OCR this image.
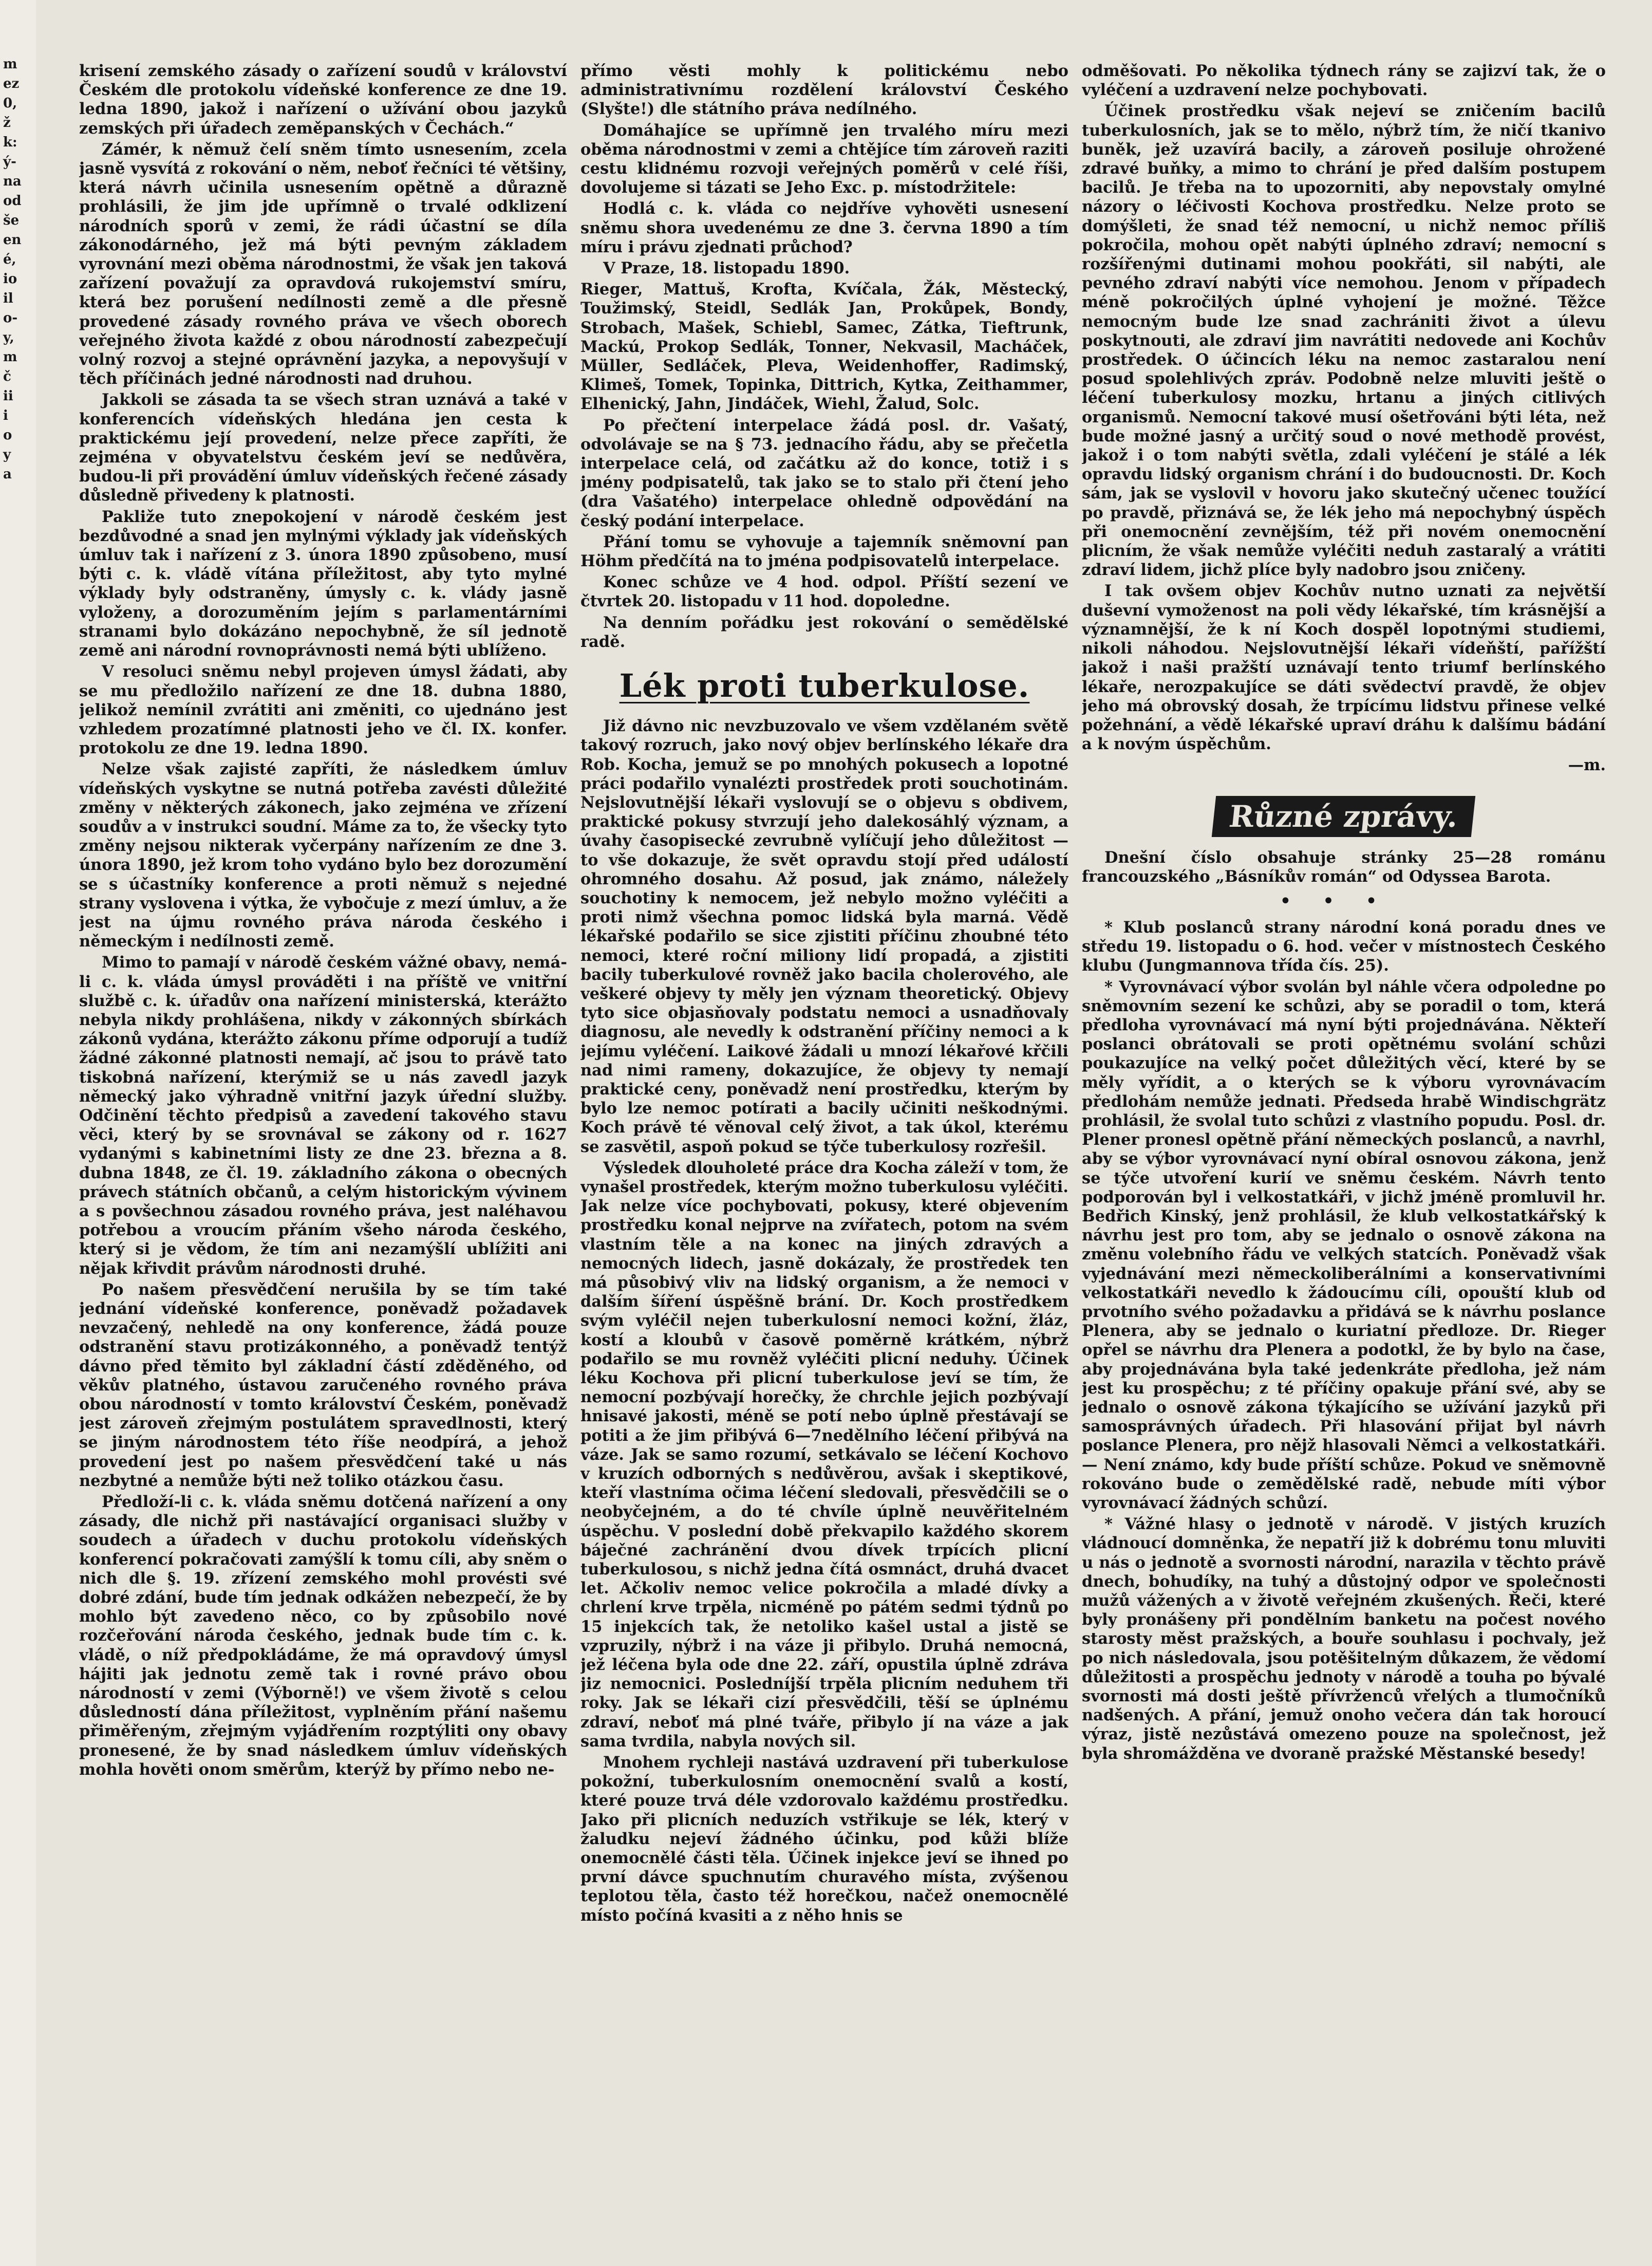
m
ez
0,
ž
k:
ý-
na
od
še
en
é,
io
il
o-
y,
m
č
ii
i
o
y
a

krisení zemského zásady o zařízení soudů v království Českém dle protokolu vídeňské konference ze dne 19. ledna 1890, jakož i nařízení o užívání obou jazyků zemských při úřadech zeměpanských v Čechách.“

Zámér, k němuž čelí sněm tímto usnesením, zcela jasně vysvítá z rokování o něm, neboť řečníci té většiny, která návrh učinila usnesením opětně a důrazně prohlásili, že jim jde upřímně o trvalé odklizení národních sporů v zemi, že rádi účastní se díla zákonodárného, jež má býti pevným základem vyrovnání mezi oběma národnostmi, že však jen taková zařízení považují za opravdová rukojemství smíru, která bez porušení nedílnosti země a dle přesně provedené zásady rovného práva ve všech oborech veřejného života každé z obou národností zabezpečují volný rozvoj a stejné oprávnění jazyka, a nepovyšují v těch příčinách jedné národnosti nad druhou.

Jakkoli se zásada ta se všech stran uznává a také v konferencích vídeňských hledána jen cesta k praktickému její provedení, nelze přece zapříti, že zejména v obyvatelstvu českém jeví se nedůvěra, budou-li při provádění úmluv vídeňských řečené zásady důsledně přivedeny k platnosti.

Pakliže tuto znepokojení v národě českém jest bezdůvodné a snad jen mylnými výklady jak vídeňských úmluv tak i nařízení z 3. února 1890 způsobeno, musí býti c. k. vládě vítána příležitost, aby tyto mylné výklady byly odstraněny, úmysly c. k. vlády jasně vyloženy, a dorozuměním jejím s parlamentárními stranami bylo dokázáno nepochybně, že síl jednotě země ani národní rovnoprávnosti nemá býti ublíženo.

V resoluci sněmu nebyl projeven úmysl žádati, aby se mu předložilo nařízení ze dne 18. dubna 1880, jelikož nemínil zvrátiti ani změniti, co ujednáno jest vzhledem prozatímné platnosti jeho ve čl. IX. konfer. protokolu ze dne 19. ledna 1890.

Nelze však zajisté zapříti, že následkem úmluv vídeňských vyskytne se nutná potřeba zavésti důležité změny v některých zákonech, jako zejména ve zřízení soudův a v instrukci soudní. Máme za to, že všecky tyto změny nejsou nikterak vyčerpány nařízením ze dne 3. února 1890, jež krom toho vydáno bylo bez dorozumění se s účastníky konference a proti němuž s nejedné strany vyslovena i výtka, že vybočuje z mezí úmluv, a že jest na újmu rovného práva národa českého i německým i nedílnosti země.

Mimo to pamají v národě českém vážné obavy, nemá-li c. k. vláda úmysl prováděti i na příště ve vnitřní službě c. k. úřadův ona nařízení ministerská, kterážto nebyla nikdy prohlášena, nikdy v zákonných sbírkách zákonů vydána, kterážto zákonu příme odporují a tudíž žádné zákonné platnosti nemají, ač jsou to právě tato tiskobná nařízení, kterýmiž se u nás zavedl jazyk německý jako výhradně vnitřní jazyk úřední služby. Odčinění těchto předpisů a zavedení takového stavu věci, který by se srovnával se zákony od r. 1627 vydanými s kabinetními listy ze dne 23. března a 8. dubna 1848, ze čl. 19. základního zákona o obecných právech státních občanů, a celým historickým vývinem a s povšechnou zásadou rovného práva, jest naléhavou potřebou a vroucím přáním všeho národa českého, který si je vědom, že tím ani nezamýšlí ublížiti ani nějak křivdit právům národnosti druhé.

Po našem přesvědčení nerušila by se tím také jednání vídeňské konference, poněvadž požadavek nevzačený, nehledě na ony konference, žádá pouze odstranění stavu protizákonného, a poněvadž tentýž dávno před těmito byl základní částí zděděného, od věkův platného, ústavou zaručeného rovného práva obou národností v tomto království Českém, poněvadž jest zároveň zřejmým postulátem spravedlnosti, který se jiným národnostem této říše neodpírá, a jehož provedení jest po našem přesvědčení také u nás nezbytné a nemůže býti než toliko otázkou času.

Předloží-li c. k. vláda sněmu dotčená nařízení a ony zásady, dle nichž při nastávající organisaci služby v soudech a úřadech v duchu protokolu vídeňských konferencí pokračovati zamýšlí k tomu cíli, aby sněm o nich dle §. 19. zřízení zemského mohl provésti své dobré zdání, bude tím jednak odkážen nebezpečí, že by mohlo být zavedeno něco, co by způsobilo nové rozčeřování národa českého, jednak bude tím c. k. vládě, o níž předpokládáme, že má opravdový úmysl hájiti jak jednotu země tak i rovné právo obou národností v zemi (Výborně!) ve všem životě s celou důsledností dána příležitost, vyplněním přání našemu přiměřeným, zřejmým vyjádřením rozptýliti ony obavy pronesené, že by snad následkem úmluv vídeňských mohla hověti onom směrům, kterýž by přímo nebo ne-

přímo věsti mohly k politickému nebo administrativnímu rozdělení království Českého (Slyšte!) dle státního práva nedílného.

Domáhajíce se upřímně jen trvalého míru mezi oběma národnostmi v zemi a chtějíce tím zároveň raziti cestu klidnému rozvoji veřejných poměrů v celé říši, dovolujeme si tázati se Jeho Exc. p. místodržitele:

Hodlá c. k. vláda co nejdříve vyhověti usnesení sněmu shora uvedenému ze dne 3. června 1890 a tím míru i právu zjednati průchod?

V Praze, 18. listopadu 1890.

Rieger, Mattuš, Krofta, Kvíčala, Žák, Městecký, Toužimský, Steidl, Sedlák Jan, Prokůpek, Bondy, Strobach, Mašek, Schiebl, Samec, Zátka, Tieftrunk, Mackú, Prokop Sedlák, Tonner, Nekvasil, Macháček, Müller, Sedláček, Pleva, Weidenhoffer, Radimský, Klimeš, Tomek, Topinka, Dittrich, Kytka, Zeithammer, Elhenický, Jahn, Jindáček, Wiehl, Žalud, Solc.

Po přečtení interpelace žádá posl. dr. Vašatý, odvolávaje se na § 73. jednacího řádu, aby se přečetla interpelace celá, od začátku až do konce, totiž i s jmény podpisatelů, tak jako se to stalo při čtení jeho (dra Vašatého) interpelace ohledně odpovědání na český podání interpelace.

Přání tomu se vyhovuje a tajemník sněmovní pan Höhm předčítá na to jména podpisovatelů interpelace.

Konec schůze ve 4 hod. odpol. Příští sezení ve čtvrtek 20. listopadu v 11 hod. dopoledne.

Na denním pořádku jest rokování o semědělské radě.

Lék proti tuberkulose.

Již dávno nic nevzbuzovalo ve všem vzdělaném světě takový rozruch, jako nový objev berlínského lékaře dra Rob. Kocha, jemuž se po mnohých pokusech a lopotné práci podařilo vynalézti prostředek proti souchotinám. Nejslovutnější lékaři vyslovují se o objevu s obdivem, praktické pokusy stvrzují jeho dalekosáhlý význam, a úvahy časopisecké zevrubně vylíčují jeho důležitost — to vše dokazuje, že svět opravdu stojí před událostí ohromného dosahu. Až posud, jak známo, náležely souchotiny k nemocem, jež nebylo možno vyléčiti a proti nimž všechna pomoc lidská byla marná. Vědě lékařské podařilo se sice zjistiti příčinu zhoubné této nemoci, které roční miliony lidí propadá, a zjistiti bacily tuberkulové rovněž jako bacila cholerového, ale veškeré objevy ty měly jen význam theoretický. Objevy tyto sice objasňovaly podstatu nemoci a usnadňovaly diagnosu, ale nevedly k odstranění příčiny nemoci a k jejímu vyléčení. Laikové žádali u mnozí lékařové křčili nad nimi rameny, dokazujíce, že objevy ty nemají praktické ceny, poněvadž není prostředku, kterým by bylo lze nemoc potírati a bacily učiniti neškodnými. Koch právě té věnoval celý život, a tak úkol, kterému se zasvětil, aspoň pokud se týče tuberkulosy rozřešil.

Výsledek dlouholeté práce dra Kocha záleží v tom, že vynašel prostředek, kterým možno tuberkulosu vyléčiti. Jak nelze více pochybovati, pokusy, které objevením prostředku konal nejprve na zvířatech, potom na svém vlastním těle a na konec na jiných zdravých a nemocných lidech, jasně dokázaly, že prostředek ten má působivý vliv na lidský organism, a že nemoci v dalším šíření úspěšně brání. Dr. Koch prostředkem svým vyléčil nejen tuberkulosní nemoci kožní, žláz, kostí a kloubů v časově poměrně krátkém, nýbrž podařilo se mu rovněž vyléčiti plicní neduhy. Účinek léku Kochova při plicní tuberkulose jeví se tím, že nemocní pozbývají horečky, že chrchle jejich pozbývají hnisavé jakosti, méně se potí nebo úplně přestávají se potiti a že jim přibývá 6—7nedělního léčení přibývá na váze. Jak se samo rozumí, setkávalo se léčení Kochovo v kruzích odborných s nedůvěrou, avšak i skeptikové, kteří vlastníma očima léčení sledovali, přesvědčili se o neobyčejném, a do té chvíle úplně neuvěřitelném úspěchu. V poslední době překvapilo každého skorem báječné zachránění dvou dívek trpících plicní tuberkulosou, s nichž jedna čítá osmnáct, druhá dvacet let. Ačkoliv nemoc velice pokročila a mladé dívky a chrlení krve trpěla, nicméně po pátém sedmi týdnů po 15 injekcích tak, že netoliko kašel ustal a jistě se vzpruzily, nýbrž i na váze ji přibylo. Druhá nemocná, jež léčena byla ode dne 22. září, opustila úplně zdráva jiz nemocnici. Posledníjší trpěla plicním neduhem tři roky. Jak se lékaři cizí přesvědčili, těší se úplnému zdraví, neboť má plné tváře, přibylo jí na váze a jak sama tvrdila, nabyla nových sil.

Mnohem rychleji nastává uzdravení při tuberkulose pokožní, tuberkulosním onemocnění svalů a kostí, které pouze trvá déle vzdorovalo každému prostředku. Jako při plicních neduzích vstřikuje se lék, který v žaludku nejeví žádného účinku, pod kůži blíže onemocnělé části těla. Účinek injekce jeví se ihned po první dávce spuchnutím churavého místa, zvýšenou teplotou těla, často též horečkou, načež onemocnělé místo počíná kvasiti a z něho hnis se

odměšovati. Po několika týdnech rány se zajizví tak, že o vyléčení a uzdravení nelze pochybovati.

Účinek prostředku však nejeví se zničením bacilů tuberkulosních, jak se to mělo, nýbrž tím, že ničí tkanivo buněk, jež uzavírá bacily, a zároveň posiluje ohrožené zdravé buňky, a mimo to chrání je před dalším postupem bacilů. Je třeba na to upozorniti, aby nepovstaly omylné názory o léčivosti Kochova prostředku. Nelze proto se domýšleti, že snad též nemocní, u nichž nemoc příliš pokročila, mohou opět nabýti úplného zdraví; nemocní s rozšířenými dutinami mohou pookřáti, sil nabýti, ale pevného zdraví nabýti více nemohou. Jenom v případech méně pokročilých úplné vyhojení je možné. Těžce nemocným bude lze snad zachrániti život a úlevu poskytnouti, ale zdraví jim navrátiti nedovede ani Kochův prostředek. O účincích léku na nemoc zastaralou není posud spolehlivých zpráv. Podobně nelze mluviti ještě o léčení tuberkulosy mozku, hrtanu a jiných citlivých organismů. Nemocní takové musí ošetřováni býti léta, než bude možné jasný a určitý soud o nové methodě provést, jakož i o tom nabýti světla, zdali vyléčení je stálé a lék opravdu lidský organism chrání i do budoucnosti. Dr. Koch sám, jak se vyslovil v hovoru jako skutečný učenec toužící po pravdě, přiznává se, že lék jeho má nepochybný úspěch při onemocnění zevnějším, též při novém onemocnění plicním, že však nemůže vyléčiti neduh zastaralý a vrátiti zdraví lidem, jichž plíce byly nadobro jsou zničeny.

I tak ovšem objev Kochův nutno uznati za největší duševní vymoženost na poli vědy lékařské, tím krásnější a významnější, že k ní Koch dospěl lopotnými studiemi, nikoli náhodou. Nejslovutnější lékaři vídeňští, pařížští jakož i naši pražští uznávají tento triumf berlínského lékaře, nerozpakujíce se dáti svědectví pravdě, že objev jeho má obrovský dosah, že trpícímu lidstvu přinese velké požehnání, a vědě lékařské upraví dráhu k dalšímu bádání a k novým úspěchům.

—m.

Různé zprávy.

Dnešní číslo obsahuje stránky 25—28 románu francouzského „Básníkův román“ od Odyssea Barota.

•••

* Klub poslanců strany národní koná poradu dnes ve středu 19. listopadu o 6. hod. večer v místnostech Českého klubu (Jungmannova třída čís. 25).

* Vyrovnávací výbor svolán byl náhle včera odpoledne po sněmovním sezení ke schůzi, aby se poradil o tom, která předloha vyrovnávací má nyní býti projednávána. Někteří poslanci obrátovali se proti opětnému svolání schůzi poukazujíce na velký počet důležitých věcí, které by se měly vyřídit, a o kterých se k výboru vyrovnávacím předlohám nemůže jednati. Předseda hrabě Windischgrätz prohlásil, že svolal tuto schůzi z vlastního popudu. Posl. dr. Plener pronesl opětně přání německých poslanců, a navrhl, aby se výbor vyrovnávací nyní obíral osnovou zákona, jenž se týče utvoření kurií ve sněmu českém. Návrh tento podporován byl i velkostatkáři, v jichž jméně promluvil hr. Bedřich Kinský, jenž prohlásil, že klub velkostatkářský k návrhu jest pro tom, aby se jednalo o osnově zákona na změnu volebního řádu ve velkých statcích. Poněvadž však vyjednávání mezi německoliberálními a konservativními velkostatkáři nevedlo k žádoucímu cíli, opouští klub od prvotního svého požadavku a přidává se k návrhu poslance Plenera, aby se jednalo o kuriatní předloze. Dr. Rieger opřel se návrhu dra Plenera a podotkl, že by bylo na čase, aby projednávána byla také jedenkráte předloha, jež nám jest ku prospěchu; z té příčiny opakuje přání své, aby se jednalo o osnově zákona týkajícího se užívání jazyků při samosprávných úřadech. Při hlasování přijat byl návrh poslance Plenera, pro nějž hlasovali Němci a velkostatkáři. — Není známo, kdy bude příští schůze. Pokud ve sněmovně rokováno bude o zemědělské radě, nebude míti výbor vyrovnávací žádných schůzí.

* Vážné hlasy o jednotě v národě. V jistých kruzích vládnoucí domněnka, že nepatří již k dobrému tonu mluviti u nás o jednotě a svornosti národní, narazila v těchto právě dnech, bohudíky, na tuhý a důstojný odpor ve společnosti mužů vážených a v životě veřejném zkušených. Řeči, které byly pronášeny při pondělním banketu na počest nového starosty měst pražských, a bouře souhlasu i pochvaly, jež po nich následovala, jsou potěšitelným důkazem, že vědomí důležitosti a prospěchu jednoty v národě a touha po bývalé svornosti má dosti ještě přívrženců vřelých a tlumočníků nadšených. A přání, jemuž onoho večera dán tak horoucí výraz, jistě nezůstává omezeno pouze na společnost, jež byla shromážděna ve dvoraně pražské Městanské besedy!
